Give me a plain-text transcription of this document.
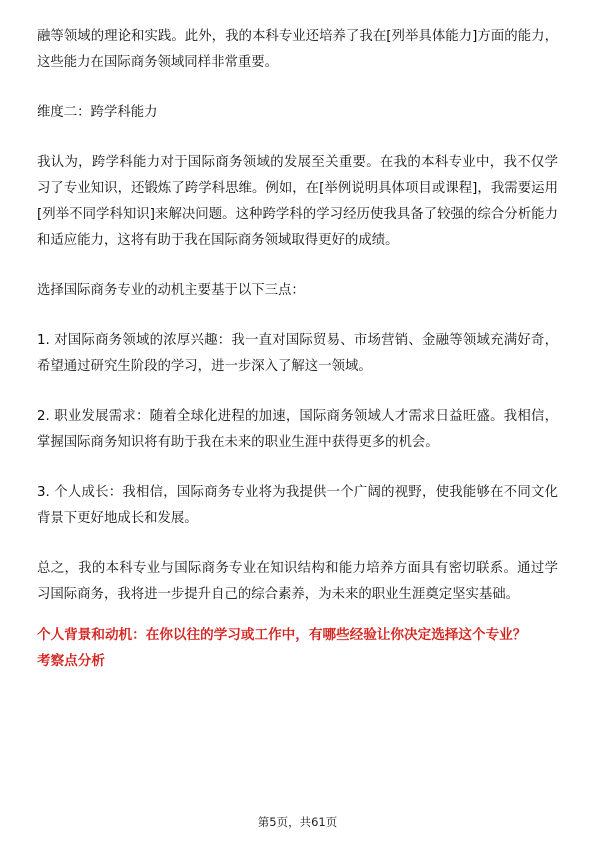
融等领域的理论和实践。此外，我的本科专业还培养了我在[列举具体能力]方面的能力，这些能力在国际商务领域同样非常重要。

维度二：跨学科能力

我认为，跨学科能力对于国际商务领域的发展至关重要。在我的本科专业中，我不仅学习了专业知识，还锻炼了跨学科思维。例如，在[举例说明具体项目或课程]，我需要运用[列举不同学科知识]来解决问题。这种跨学科的学习经历使我具备了较强的综合分析能力和适应能力，这将有助于我在国际商务领域取得更好的成绩。

选择国际商务专业的动机主要基于以下三点：

1. 对国际商务领域的浓厚兴趣：我一直对国际贸易、市场营销、金融等领域充满好奇，希望通过研究生阶段的学习，进一步深入了解这一领域。

2. 职业发展需求：随着全球化进程的加速，国际商务领域人才需求日益旺盛。我相信，掌握国际商务知识将有助于我在未来的职业生涯中获得更多的机会。

3. 个人成长：我相信，国际商务专业将为我提供一个广阔的视野，使我能够在不同文化背景下更好地成长和发展。

总之，我的本科专业与国际商务专业在知识结构和能力培养方面具有密切联系。通过学习国际商务，我将进一步提升自己的综合素养，为未来的职业生涯奠定坚实基础。

个人背景和动机：在你以往的学习或工作中，有哪些经验让你决定选择这个专业？

考察点分析

第5页，共61页
